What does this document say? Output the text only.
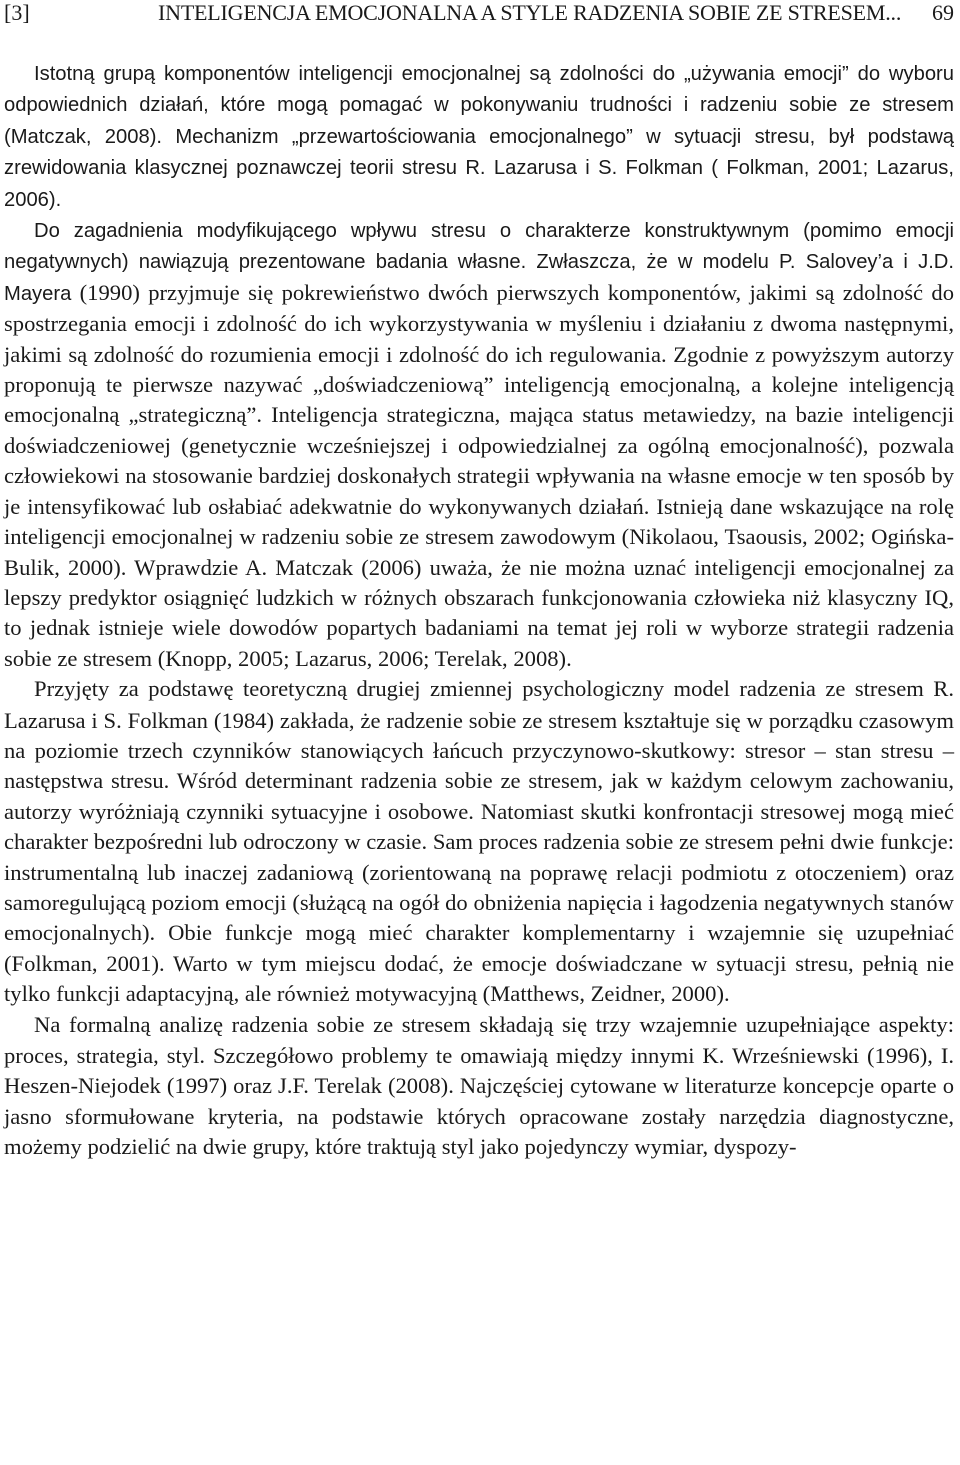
[3]	INTELIGENCJA EMOCJONALNA A STYLE RADZENIA SOBIE ZE STRESEM... 69

Istotną grupą komponentów inteligencji emocjonalnej są zdolności do „używania emocji” do wyboru odpowiednich działań, które mogą pomagać w pokonywaniu trudności i radzeniu sobie ze stresem (Matczak, 2008). Mechanizm „przewartościowania emocjonalnego” w sytuacji stresu, był podstawą zrewidowania klasycznej poznawczej teorii stresu R. Lazarusa i S. Folkman ( Folkman, 2001; Lazarus, 2006).

Do zagadnienia modyfikującego wpływu stresu o charakterze konstruktywnym (pomimo emocji negatywnych) nawiązują prezentowane badania własne. Zwłaszcza, że w modelu P. Salovey’a i J.D. Mayera (1990) przyjmuje się pokrewieństwo dwóch pierwszych komponentów, jakimi są zdolność do spostrzegania emocji i zdolność do ich wykorzystywania w myśleniu i działaniu z dwoma następnymi, jakimi są zdolność do rozumienia emocji i zdolność do ich regulowania. Zgodnie z powyższym autorzy proponują te pierwsze nazywać „doświadczeniową” inteligencją emocjonalną, a kolejne inteligencją emocjonalną „strategiczną”. Inteligencja strategiczna, mająca status metawiedzy, na bazie inteligencji doświadczeniowej (genetycznie wcześniejszej i odpowiedzialnej za ogólną emocjonalność), pozwala człowiekowi na stosowanie bardziej doskonałych strategii wpływania na własne emocje w ten sposób by je intensyfikować lub osłabiać adekwatnie do wykonywanych działań. Istnieją dane wskazujące na rolę inteligencji emocjonalnej w radzeniu sobie ze stresem zawodowym (Nikolaou, Tsaousis, 2002; Ogińska-Bulik, 2000). Wprawdzie A. Matczak (2006) uważa, że nie można uznać inteligencji emocjonalnej za lepszy predyktor osiągnięć ludzkich w różnych obszarach funkcjonowania człowieka niż klasyczny IQ, to jednak istnieje wiele dowodów popartych badaniami na temat jej roli w wyborze strategii radzenia sobie ze stresem (Knopp, 2005; Lazarus, 2006; Terelak, 2008).

Przyjęty za podstawę teoretyczną drugiej zmiennej psychologiczny model radzenia ze stresem R. Lazarusa i S. Folkman (1984) zakłada, że radzenie sobie ze stresem kształtuje się w porządku czasowym na poziomie trzech czynników stanowiących łańcuch przyczynowo-skutkowy: stresor – stan stresu – następstwa stresu. Wśród determinant radzenia sobie ze stresem, jak w każdym celowym zachowaniu, autorzy wyróżniają czynniki sytuacyjne i osobowe. Natomiast skutki konfrontacji stresowej mogą mieć charakter bezpośredni lub odroczony w czasie. Sam proces radzenia sobie ze stresem pełni dwie funkcje: instrumentalną lub inaczej zadaniową (zorientowaną na poprawę relacji podmiotu z otoczeniem) oraz samoregulującą poziom emocji (służącą na ogół do obniżenia napięcia i łagodzenia negatywnych stanów emocjonalnych). Obie funkcje mogą mieć charakter komplementarny i wzajemnie się uzupełniać (Folkman, 2001). Warto w tym miejscu dodać, że emocje doświadczane w sytuacji stresu, pełnią nie tylko funkcji adaptacyjną, ale również motywacyjną (Matthews, Zeidner, 2000).

Na formalną analizę radzenia sobie ze stresem składają się trzy wzajemnie uzupełniające aspekty: proces, strategia, styl. Szczegółowo problemy te omawiają między innymi K. Wrześniewski (1996), I. Heszen-Niejodek (1997) oraz J.F. Terelak (2008). Najczęściej cytowane w literaturze koncepcje oparte o jasno sformułowane kryteria, na podstawie których opracowane zostały narzędzia diagnostyczne, możemy podzielić na dwie grupy, które traktują styl jako pojedynczy wymiar, dyspozy-
